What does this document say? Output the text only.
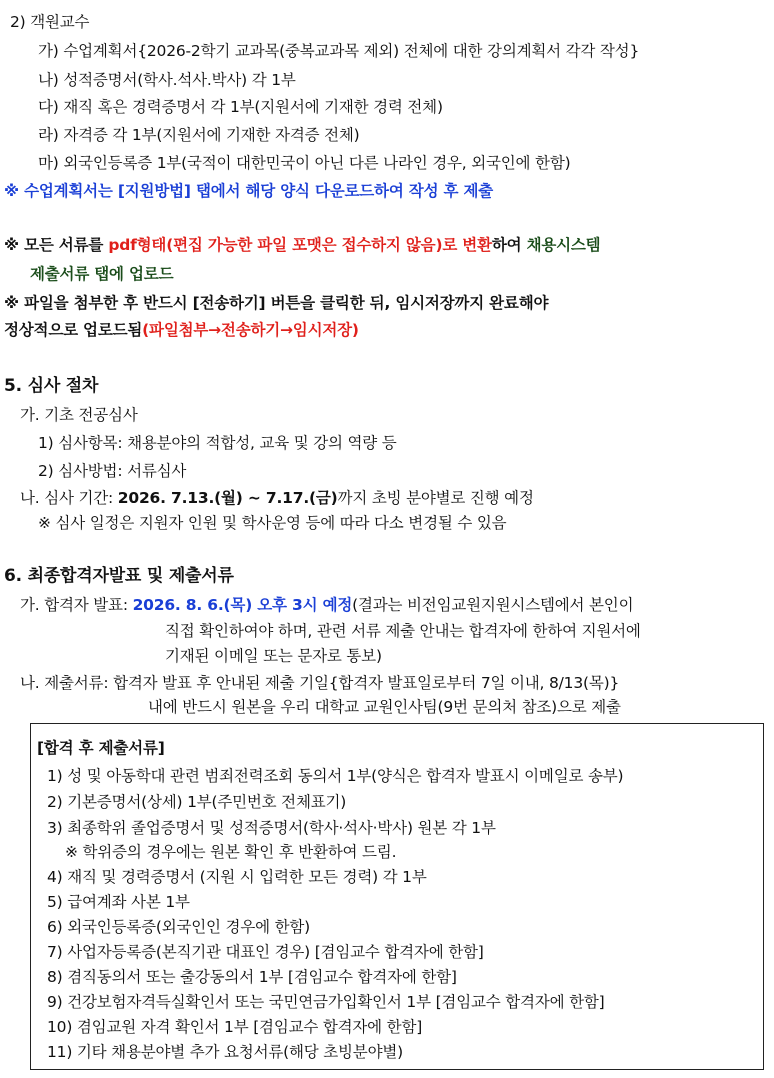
2) 객원교수
가) 수업계획서{2026-2학기 교과목(중복교과목 제외) 전체에 대한 강의계획서 각각 작성}
나) 성적증명서(학사.석사.박사) 각 1부
다) 재직 혹은 경력증명서 각 1부(지원서에 기재한 경력 전체)
라) 자격증 각 1부(지원서에 기재한 자격증 전체)
마) 외국인등록증 1부(국적이 대한민국이 아닌 다른 나라인 경우, 외국인에 한함)
※ 수업계획서는 [지원방법] 탭에서 해당 양식 다운로드하여 작성 후 제출
※ 모든 서류를 pdf형태(편집 가능한 파일 포맷은 접수하지 않음)로 변환하여 채용시스템
제출서류 탭에 업로드
※ 파일을 첨부한 후 반드시 [전송하기] 버튼을 클릭한 뒤, 임시저장까지 완료해야
정상적으로 업로드됨(파일첨부→전송하기→임시저장)
5. 심사 절차
가. 기초 전공심사
1) 심사항목: 채용분야의 적합성, 교육 및 강의 역량 등
2) 심사방법: 서류심사
나. 심사 기간: 2026. 7.13.(월) ~ 7.17.(금)까지 초빙 분야별로 진행 예정
※ 심사 일정은 지원자 인원 및 학사운영 등에 따라 다소 변경될 수 있음
6. 최종합격자발표 및 제출서류
가. 합격자 발표: 2026. 8. 6.(목) 오후 3시 예정(결과는 비전임교원지원시스템에서 본인이
직접 확인하여야 하며, 관련 서류 제출 안내는 합격자에 한하여 지원서에
기재된 이메일 또는 문자로 통보)
나. 제출서류: 합격자 발표 후 안내된 제출 기일{합격자 발표일로부터 7일 이내, 8/13(목)}
내에 반드시 원본을 우리 대학교 교원인사팀(9번 문의처 참조)으로 제출
[합격 후 제출서류]
1) 성 및 아동학대 관련 범죄전력조회 동의서 1부(양식은 합격자 발표시 이메일로 송부)
2) 기본증명서(상세) 1부(주민번호 전체표기)
3) 최종학위 졸업증명서 및 성적증명서(학사·석사·박사) 원본 각 1부
※ 학위증의 경우에는 원본 확인 후 반환하여 드림.
4) 재직 및 경력증명서 (지원 시 입력한 모든 경력) 각 1부
5) 급여계좌 사본 1부
6) 외국인등록증(외국인인 경우에 한함)
7) 사업자등록증(본직기관 대표인 경우) [겸임교수 합격자에 한함]
8) 겸직동의서 또는 출강동의서 1부 [겸임교수 합격자에 한함]
9) 건강보험자격득실확인서 또는 국민연금가입확인서 1부 [겸임교수 합격자에 한함]
10) 겸임교원 자격 확인서 1부 [겸임교수 합격자에 한함]
11) 기타 채용분야별 추가 요청서류(해당 초빙분야별)
